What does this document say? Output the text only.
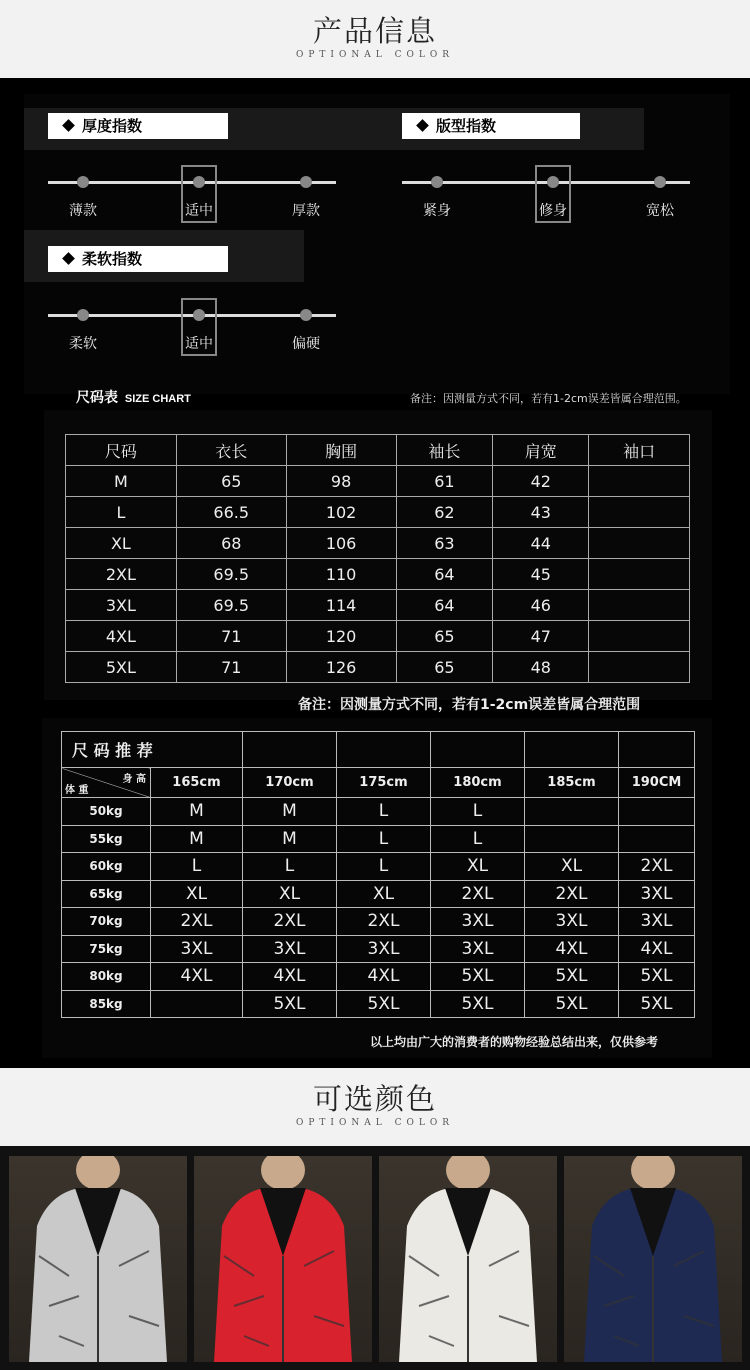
产品信息
OPTIONAL COLOR
厚度指数
薄款	适中	厚款
版型指数
紧身	修身	宽松
柔软指数
柔软	适中	偏硬
尺码表 SIZE CHART	备注：因测量方式不同，若有1-2cm误差皆属合理范围。
尺码	衣长	胸围	袖长	肩宽	袖口
M	65	98	61	42	
L	66.5	102	62	43	
XL	68	106	63	44	
2XL	69.5	110	64	45	
3XL	69.5	114	64	46	
4XL	71	120	65	47	
5XL	71	126	65	48	
备注：因测量方式不同，若有1-2cm误差皆属合理范围
尺 码 推 荐						

身 高
体 重	165cm	170cm	175cm	180cm	185cm	190CM
50kg	M	M	L	L		
55kg	M	M	L	L		
60kg	L	L	L	XL	XL	2XL
65kg	XL	XL	XL	2XL	2XL	3XL
70kg	2XL	2XL	2XL	3XL	3XL	3XL
75kg	3XL	3XL	3XL	3XL	4XL	4XL
80kg	4XL	4XL	4XL	5XL	5XL	5XL
85kg		5XL	5XL	5XL	5XL	5XL
以上均由广大的消费者的购物经验总结出来，仅供参考
可选颜色
OPTIONAL COLOR
